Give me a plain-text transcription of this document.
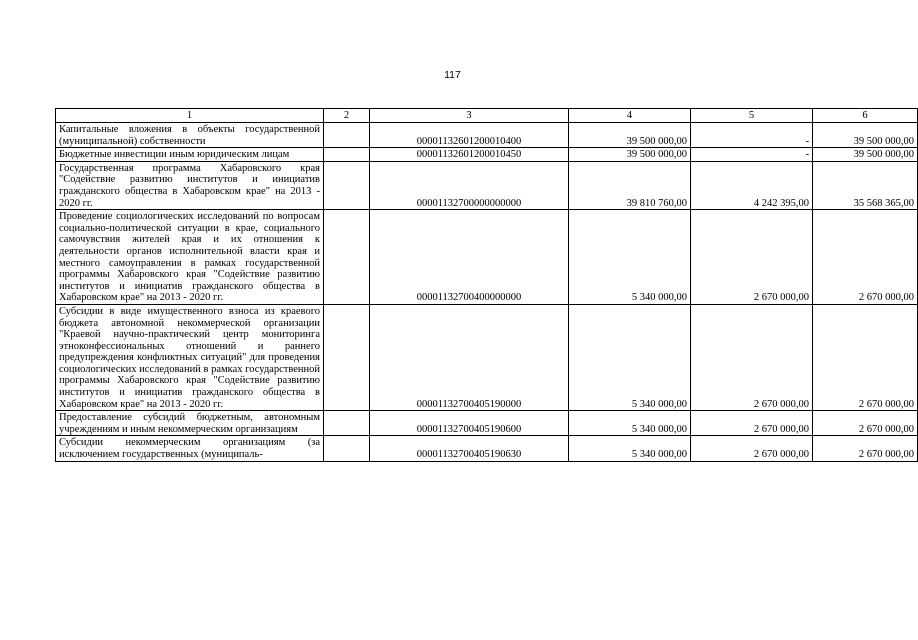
117
1	2	3	4	5	6
Капитальные вложения в объекты государственной (муниципальной) собственности		00001132601200010400	39 500 000,00	-	39 500 000,00
Бюджетные инвестиции иным юридическим лицам		00001132601200010450	39 500 000,00	-	39 500 000,00
Государственная программа Хабаровского края "Содействие развитию институтов и инициатив гражданского общества в Хабаровском крае" на 2013 - 2020 гг.		00001132700000000000	39 810 760,00	4 242 395,00	35 568 365,00
Проведение социологических исследований по вопросам социально-политической ситуации в крае, социального самочувствия жителей края и их отношения к деятельности органов исполнительной власти края и местного самоуправления в рамках государственной программы Хабаровского края "Содействие развитию институтов и инициатив гражданского общества в Хабаровском крае" на 2013 - 2020 гг.		00001132700400000000	5 340 000,00	2 670 000,00	2 670 000,00
Субсидии в виде имущественного взноса из краевого бюджета автономной некоммерческой организации "Краевой научно-практический центр мониторинга этноконфессиональных отношений и раннего предупреждения конфликтных ситуаций" для проведения социологических исследований в рамках государственной программы Хабаровского края "Содействие развитию институтов и инициатив гражданского общества в Хабаровском крае" на 2013 - 2020 гг.		00001132700405190000	5 340 000,00	2 670 000,00	2 670 000,00
Предоставление субсидий бюджетным, автономным учреждениям и иным некоммерческим организациям		00001132700405190600	5 340 000,00	2 670 000,00	2 670 000,00
Субсидии некоммерческим организациям (за исключением государственных (муниципаль-		00001132700405190630	5 340 000,00	2 670 000,00	2 670 000,00
